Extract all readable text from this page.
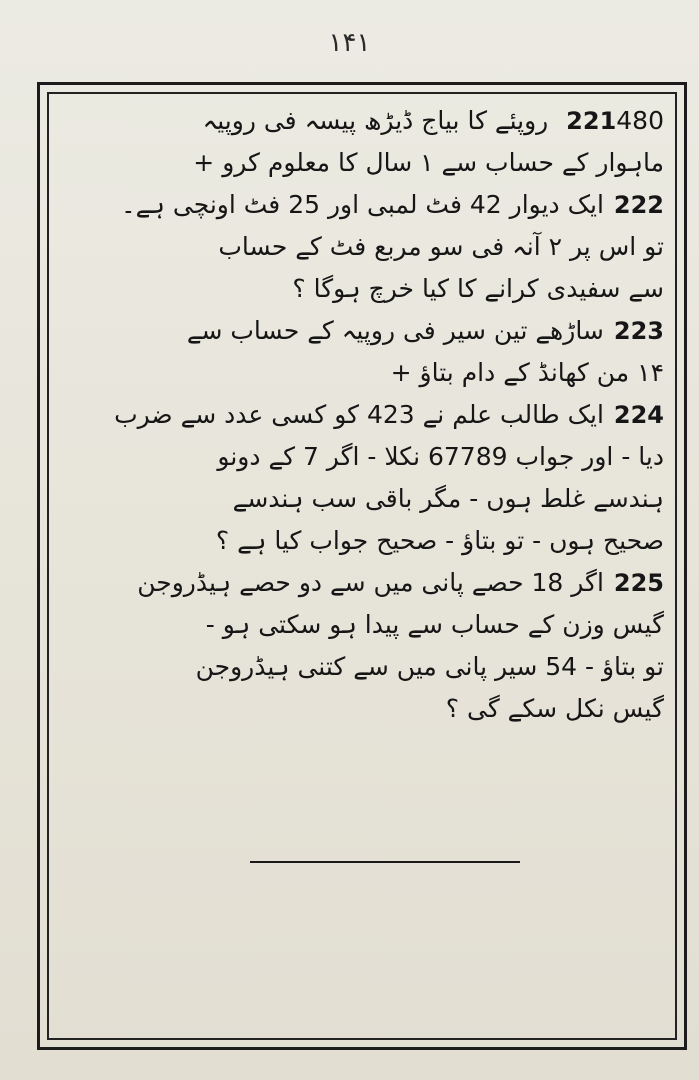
۱۴۱
221480 روپئے کا بیاج ڈیڑھ پیسہ فی روپیہ
ماہوار کے حساب سے ۱ سال کا معلوم کرو +
222ایک دیوار 42 فٹ لمبی اور 25 فٹ اونچی ہے۔
تو اس پر ۲ آنہ فی سو مربع فٹ کے حساب
سے سفیدی کرانے کا کیا خرچ ہوگا ؟
223ساڑھے تین سیر فی روپیہ کے حساب سے
۱۴ من کھانڈ کے دام بتاؤ +
224ایک طالب علم نے 423 کو کسی عدد سے ضرب
دیا - اور جواب 67789 نکلا - اگر 7 کے دونو
ہندسے غلط ہوں - مگر باقی سب ہندسے
صحیح ہوں - تو بتاؤ - صحیح جواب کیا ہے ؟
225اگر 18 حصے پانی میں سے دو حصے ہیڈروجن
گیس وزن کے حساب سے پیدا ہو سکتی ہو -
تو بتاؤ - 54 سیر پانی میں سے کتنی ہیڈروجن
گیس نکل سکے گی ؟
